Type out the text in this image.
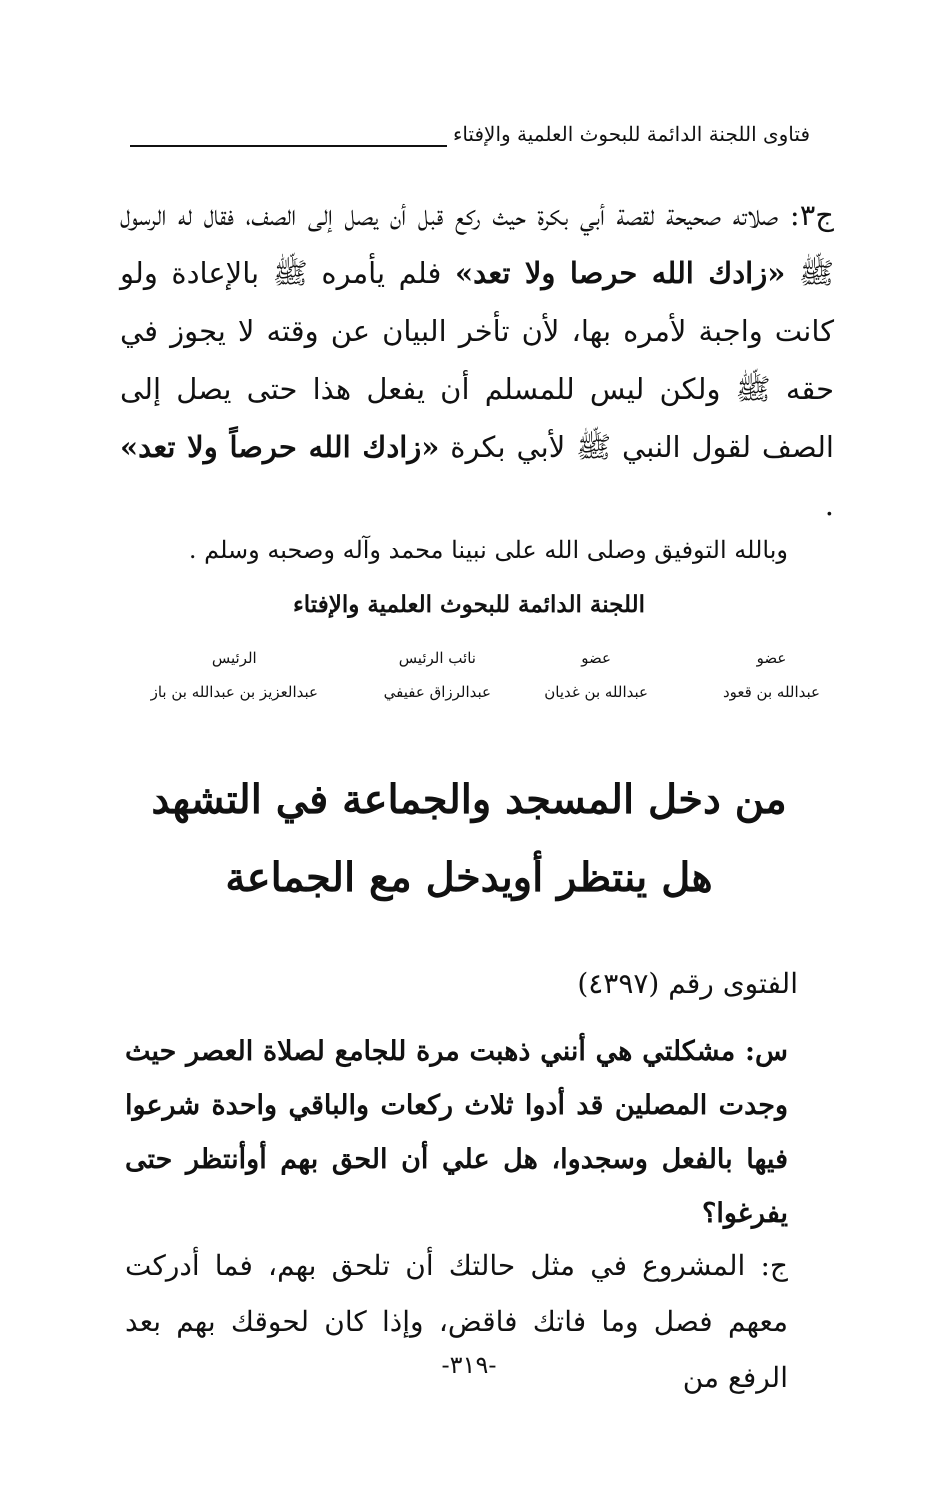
فتاوى اللجنة الدائمة للبحوث العلمية والإفتاء
ج٣: صلاته صحيحة لقصة أبي بكرة حيث ركع قبل أن يصل إلى الصف، فقال له الرسول ﷺ «زادك الله حرصا ولا تعد» فلم يأمره ﷺ بالإعادة ولو كانت واجبة لأمره بها، لأن تأخر البيان عن وقته لا يجوز في حقه ﷺ ولكن ليس للمسلم أن يفعل هذا حتى يصل إلى الصف لقول النبي ﷺ لأبي بكرة «زادك الله حرصاً ولا تعد» .
وبالله التوفيق وصلى الله على نبينا محمد وآله وصحبه وسلم .
اللجنة الدائمة للبحوث العلمية والإفتاء
عضو
عبدالله بن قعود
عضو
عبدالله بن غديان
نائب الرئيس
عبدالرزاق عفيفي
الرئيس
عبدالعزيز بن عبدالله بن باز
من دخل المسجد والجماعة في التشهد
هل ينتظر أويدخل مع الجماعة
الفتوى رقم (٤٣٩٧)
س: مشكلتي هي أنني ذهبت مرة للجامع لصلاة العصر حيث وجدت المصلين قد أدوا ثلاث ركعات والباقي واحدة شرعوا فيها بالفعل وسجدوا، هل علي أن الحق بهم أوأنتظر حتى يفرغوا؟
ج: المشروع في مثل حالتك أن تلحق بهم، فما أدركت معهم فصل وما فاتك فاقض، وإذا كان لحوقك بهم بعد الرفع من
-٣١٩-
